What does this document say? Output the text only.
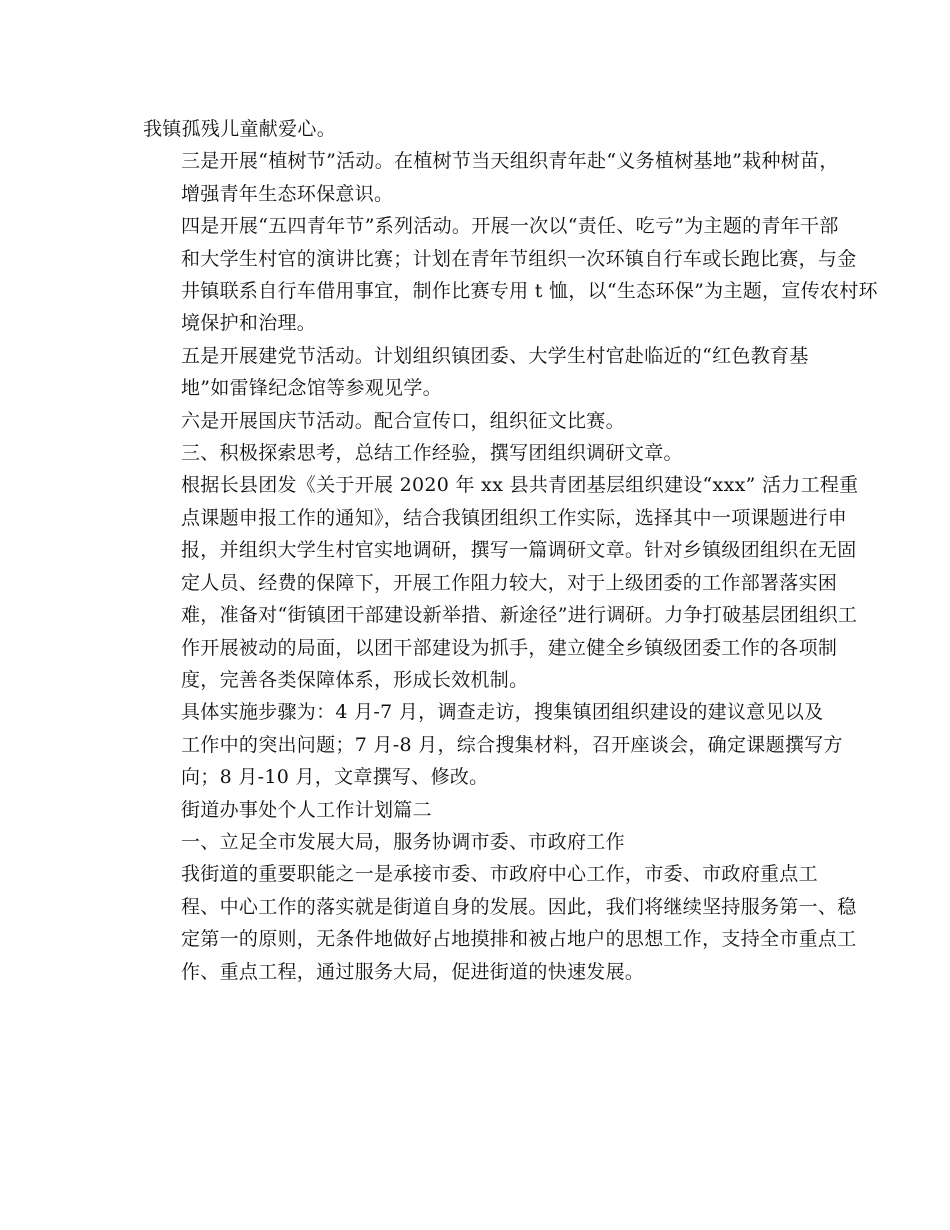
我镇孤残儿童献爱心。

三是开展“植树节”活动。在植树节当天组织青年赴“义务植树基地”栽种树苗，
增强青年生态环保意识。

四是开展“五四青年节”系列活动。开展一次以“责任、吃亏”为主题的青年干部
和大学生村官的演讲比赛；计划在青年节组织一次环镇自行车或长跑比赛，与金
井镇联系自行车借用事宜，制作比赛专用 t 恤，以“生态环保”为主题，宣传农村环
境保护和治理。

五是开展建党节活动。计划组织镇团委、大学生村官赴临近的“红色教育基
地”如雷锋纪念馆等参观见学。

六是开展国庆节活动。配合宣传口，组织征文比赛。

三、积极探索思考，总结工作经验，撰写团组织调研文章。

根据长县团发《关于开展 2020 年 xx 县共青团基层组织建设“xxx” 活力工程重
点课题申报工作的通知》，结合我镇团组织工作实际，选择其中一项课题进行申
报，并组织大学生村官实地调研，撰写一篇调研文章。针对乡镇级团组织在无固
定人员、经费的保障下，开展工作阻力较大，对于上级团委的工作部署落实困
难，准备对“街镇团干部建设新举措、新途径”进行调研。力争打破基层团组织工
作开展被动的局面，以团干部建设为抓手，建立健全乡镇级团委工作的各项制
度，完善各类保障体系，形成长效机制。

具体实施步骤为：4 月-7 月，调查走访，搜集镇团组织建设的建议意见以及
工作中的突出问题；7 月-8 月，综合搜集材料，召开座谈会，确定课题撰写方
向；8 月-10 月，文章撰写、修改。

街道办事处个人工作计划篇二

一、立足全市发展大局，服务协调市委、市政府工作

我街道的重要职能之一是承接市委、市政府中心工作，市委、市政府重点工
程、中心工作的落实就是街道自身的发展。因此，我们将继续坚持服务第一、稳
定第一的原则，无条件地做好占地摸排和被占地户的思想工作，支持全市重点工
作、重点工程，通过服务大局，促进街道的快速发展。
